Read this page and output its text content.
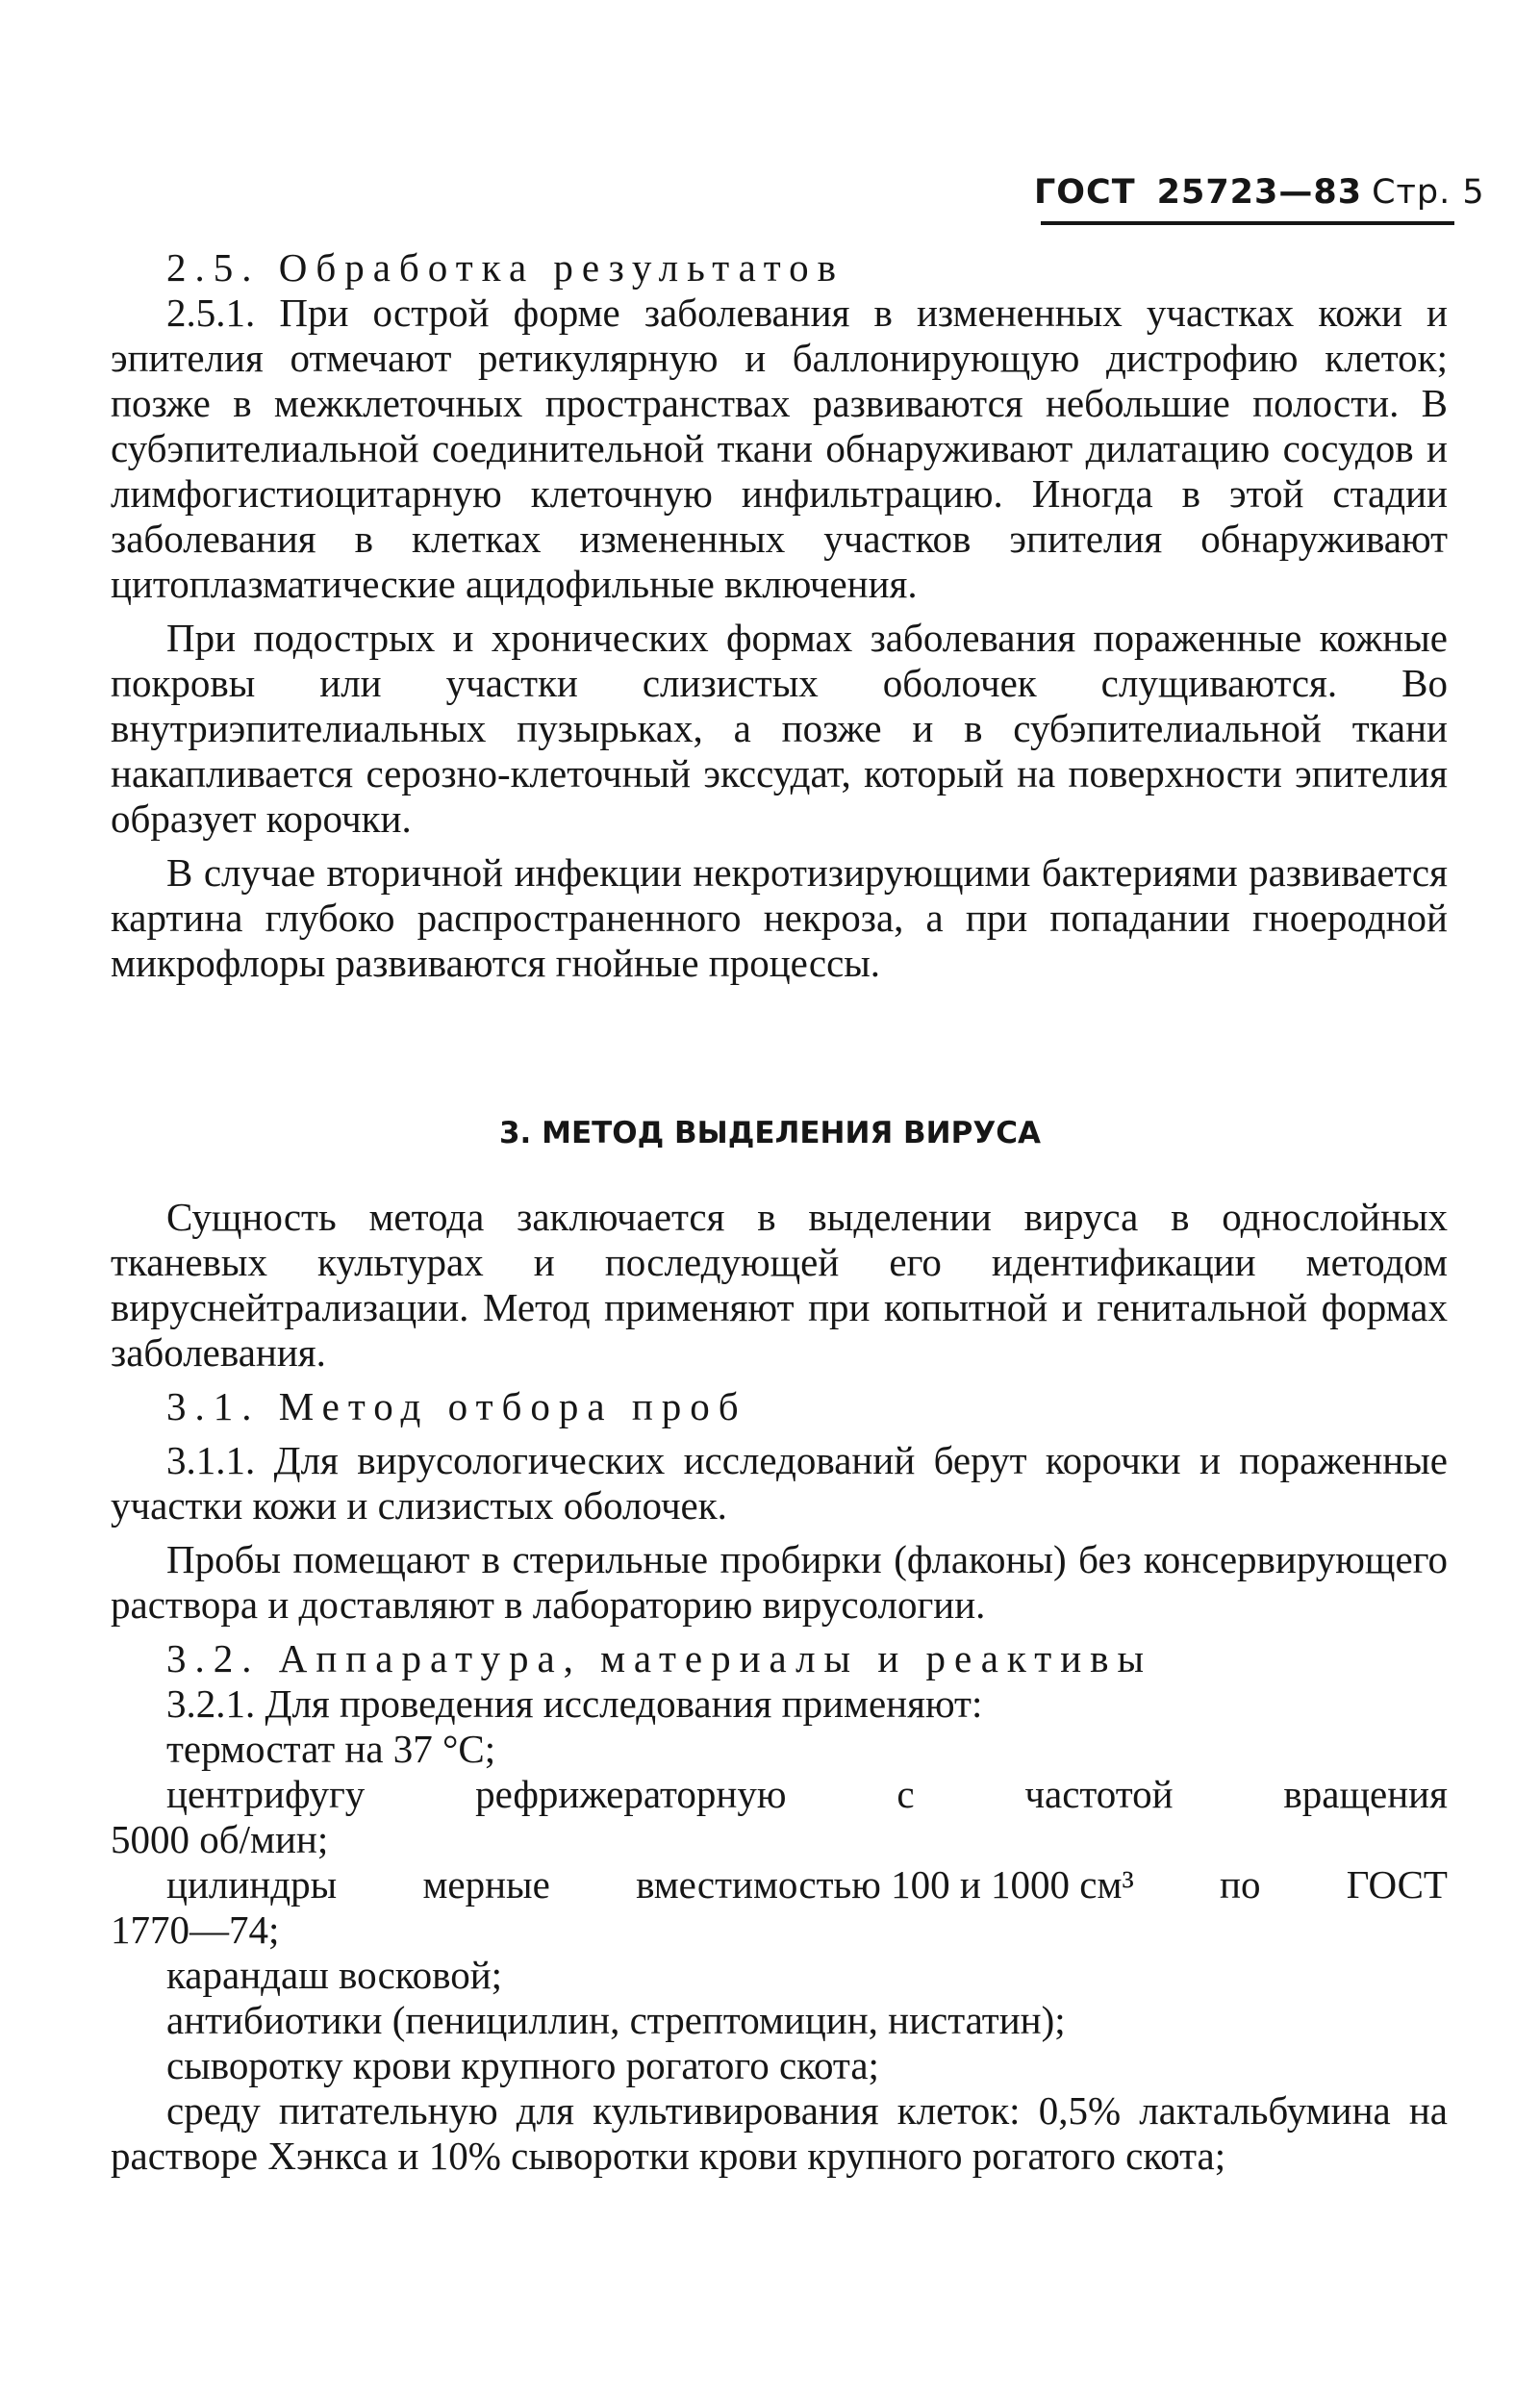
ГОСТ 25723—83 Стр. 5

2.5. Обработка результатов

2.5.1. При острой форме заболевания в измененных участках кожи и эпителия отмечают ретикулярную и баллонирующую дистрофию клеток; позже в межклеточных пространствах развиваются небольшие полости. В субэпителиальной соединительной ткани обнаруживают дилатацию сосудов и лимфогистиоцитарную клеточную инфильтрацию. Иногда в этой стадии заболевания в клетках измененных участков эпителия обнаруживают цитоплазматические ацидофильные включения.

При подострых и хронических формах заболевания пораженные кожные покровы или участки слизистых оболочек слущиваются. Во внутриэпителиальных пузырьках, а позже и в субэпителиальной ткани накапливается серозно-клеточный экссудат, который на поверхности эпителия образует корочки.

В случае вторичной инфекции некротизирующими бактериями развивается картина глубоко распространенного некроза, а при попадании гноеродной микрофлоры развиваются гнойные процессы.

3. МЕТОД ВЫДЕЛЕНИЯ ВИРУСА

Сущность метода заключается в выделении вируса в однослойных тканевых культурах и последующей его идентификации методом вируснейтрализации. Метод применяют при копытной и генитальной формах заболевания.

3.1. Метод отбора проб

3.1.1. Для вирусологических исследований берут корочки и пораженные участки кожи и слизистых оболочек.

Пробы помещают в стерильные пробирки (флаконы) без консервирующего раствора и доставляют в лабораторию вирусологии.

3.2. Аппаратура, материалы и реактивы

3.2.1. Для проведения исследования применяют:

термостат на 37 °С;
центрифугу	рефрижераторную	с	частотой	вращения
5000 об/мин;
цилиндры мерные вместимостью 100 и 1000 см³ по ГОСТ
1770—74;
карандаш восковой;
антибиотики (пенициллин, стрептомицин, нистатин);
сыворотку крови крупного рогатого скота;

среду питательную для культивирования клеток: 0,5% лактальбумина на растворе Хэнкса и 10% сыворотки крови крупного рогатого скота;
